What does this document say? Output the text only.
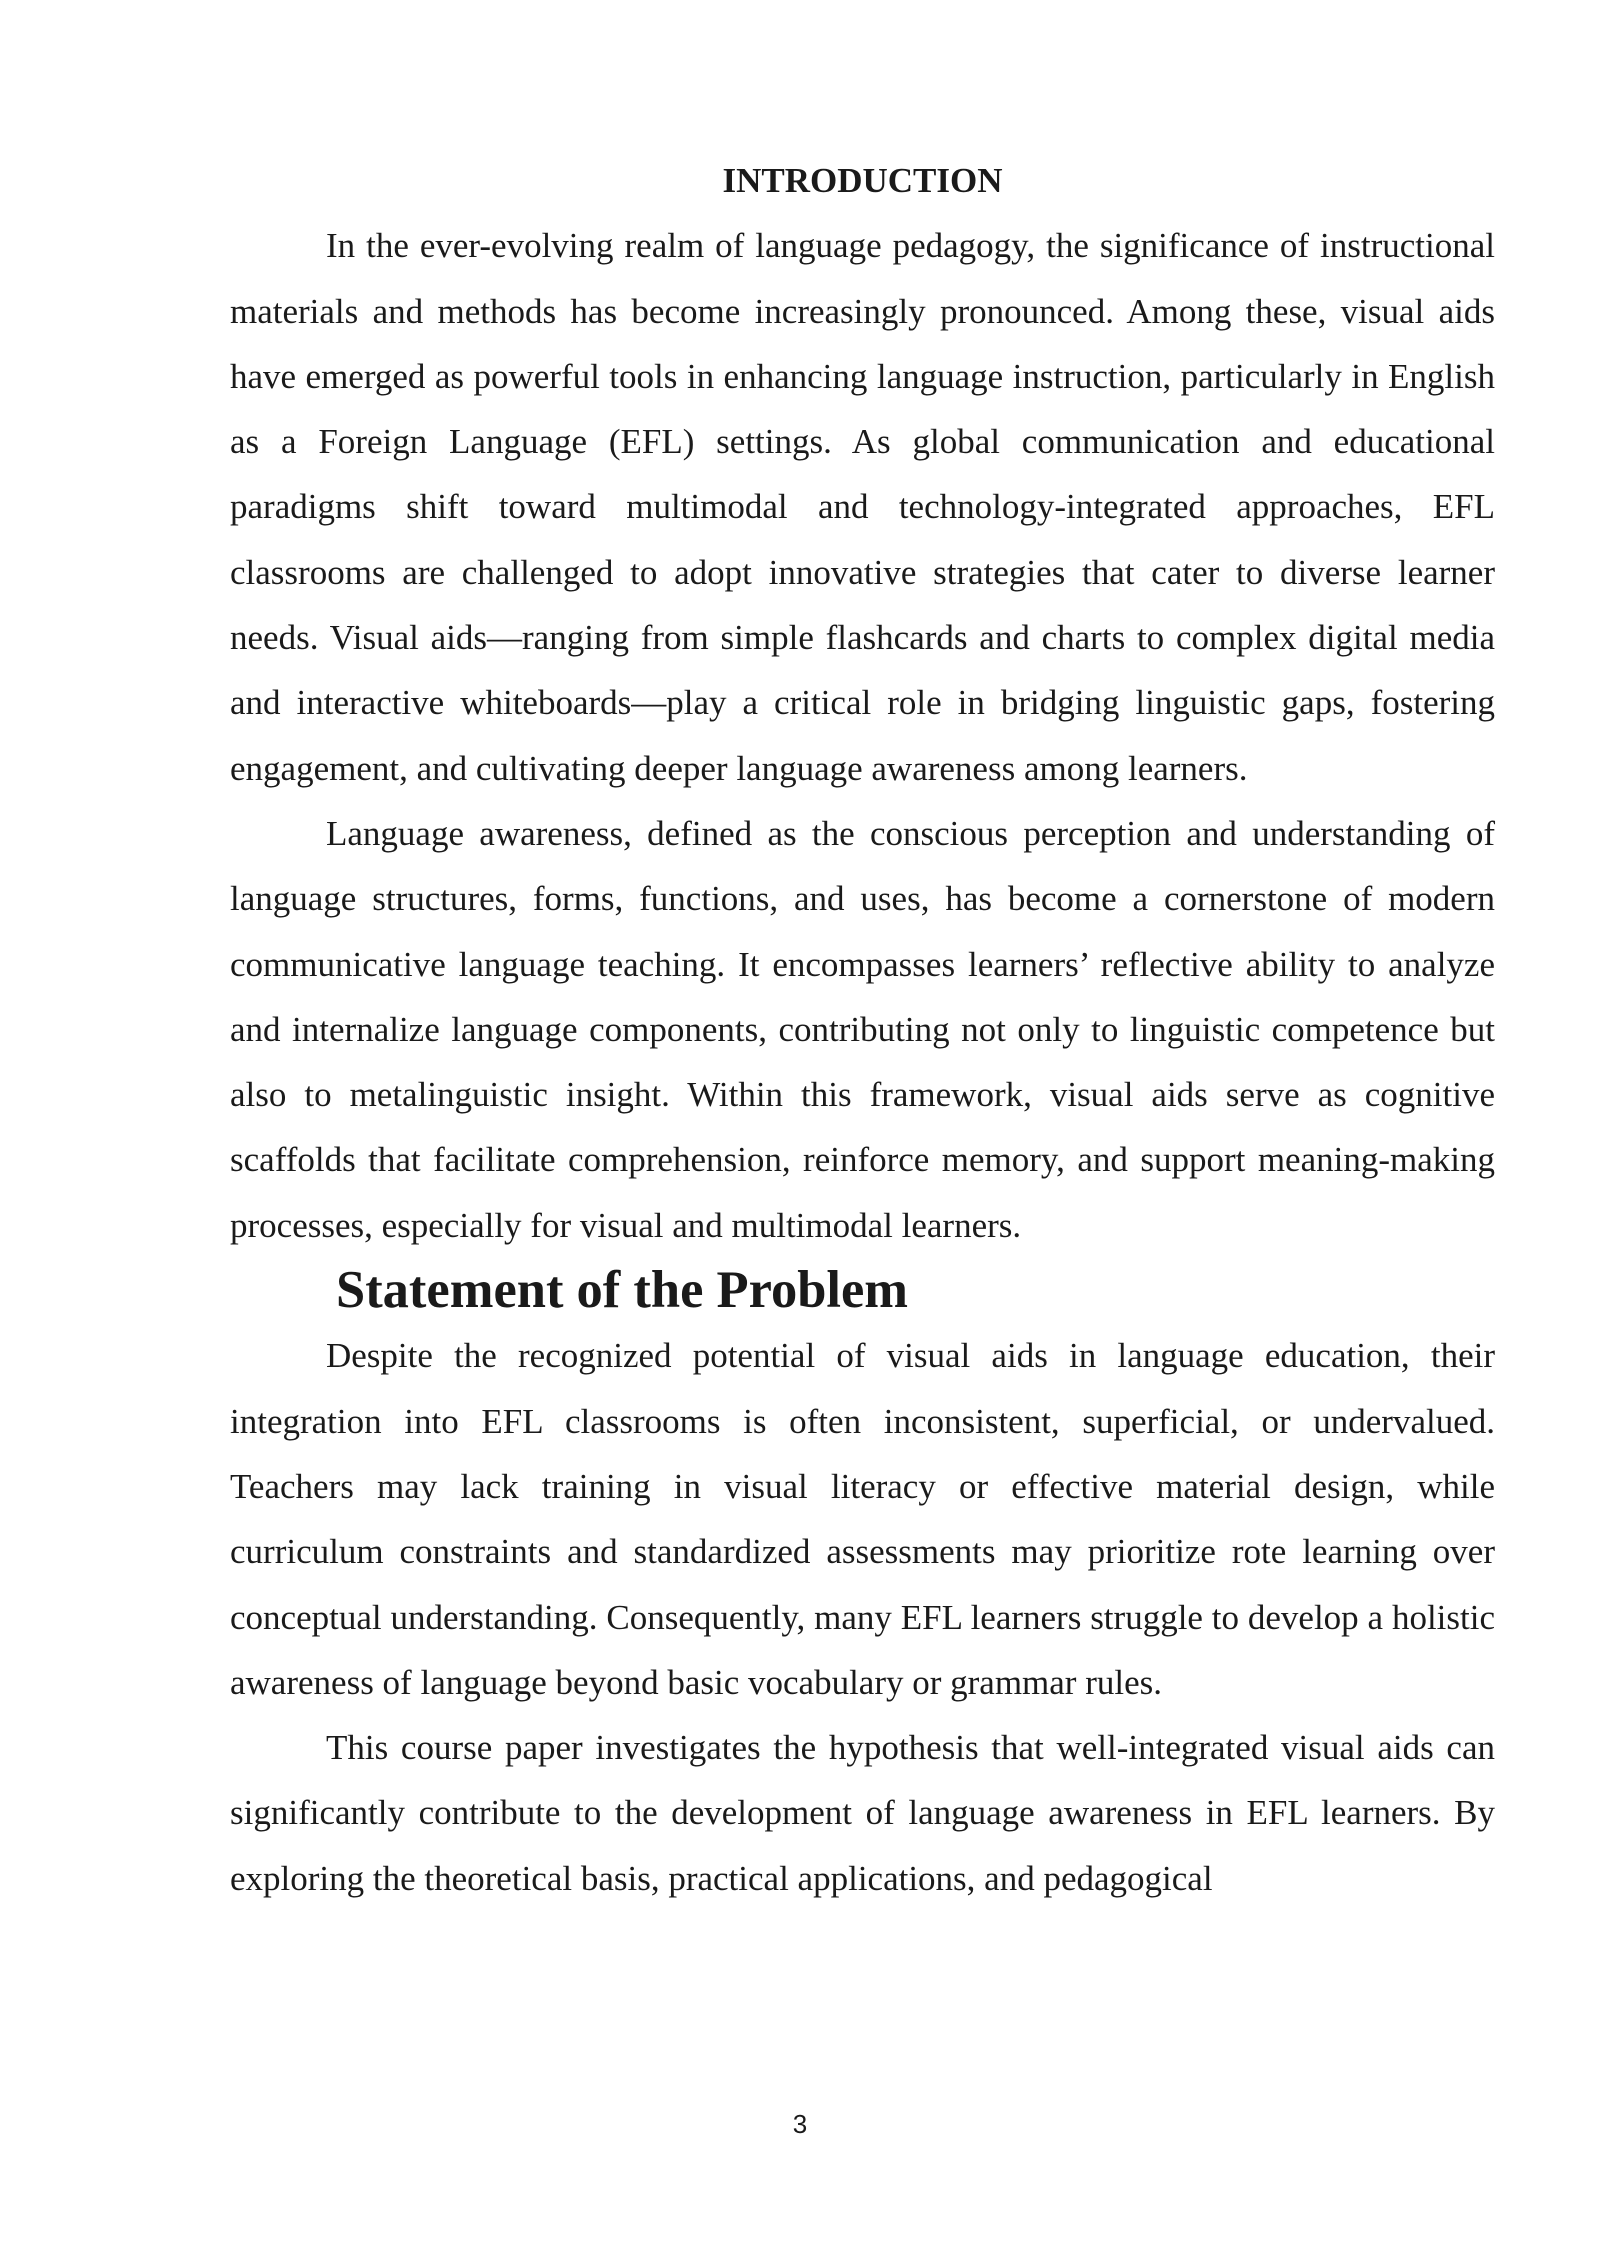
INTRODUCTION

In the ever-evolving realm of language pedagogy, the significance of instructional materials and methods has become increasingly pronounced. Among these, visual aids have emerged as powerful tools in enhancing language instruction, particularly in English as a Foreign Language (EFL) settings. As global communication and educational paradigms shift toward multimodal and technology-integrated approaches, EFL classrooms are challenged to adopt innovative strategies that cater to diverse learner needs. Visual aids—ranging from simple flashcards and charts to complex digital media and interactive whiteboards—play a critical role in bridging linguistic gaps, fostering engagement, and cultivating deeper language awareness among learners.

Language awareness, defined as the conscious perception and understanding of language structures, forms, functions, and uses, has become a cornerstone of modern communicative language teaching. It encompasses learners’ reflective ability to analyze and internalize language components, contributing not only to linguistic competence but also to metalinguistic insight. Within this framework, visual aids serve as cognitive scaffolds that facilitate comprehension, reinforce memory, and support meaning-making processes, especially for visual and multimodal learners.

Statement of the Problem

Despite the recognized potential of visual aids in language education, their integration into EFL classrooms is often inconsistent, superficial, or undervalued. Teachers may lack training in visual literacy or effective material design, while curriculum constraints and standardized assessments may prioritize rote learning over conceptual understanding. Consequently, many EFL learners struggle to develop a holistic awareness of language beyond basic vocabulary or grammar rules.

This course paper investigates the hypothesis that well-integrated visual aids can significantly contribute to the development of language awareness in EFL learners. By exploring the theoretical basis, practical applications, and pedagogical

3
